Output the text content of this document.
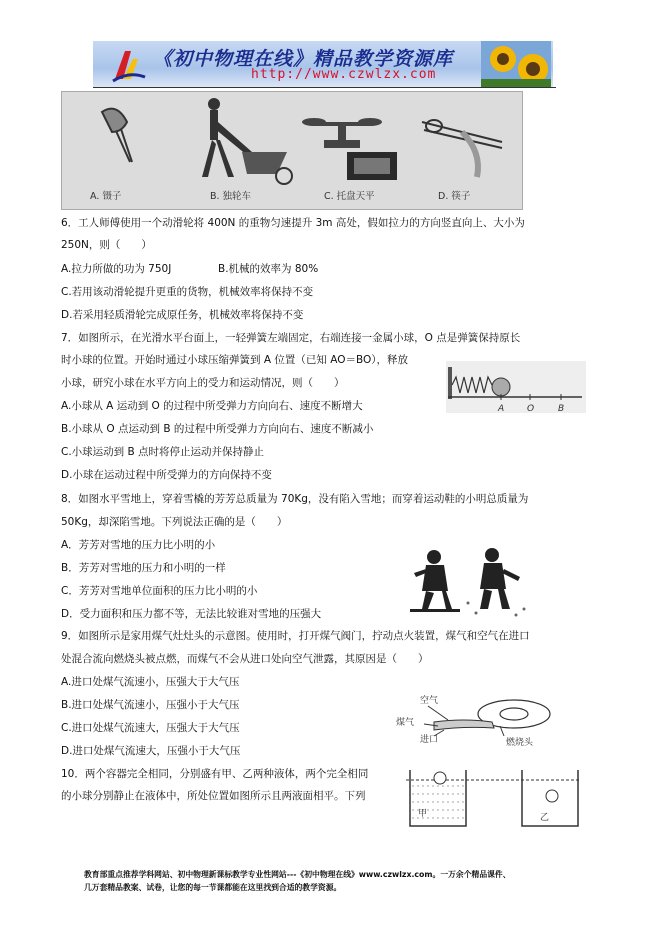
《初中物理在线》精品教学资源库
http://www.czwlzx.com
A. 镊子	B. 独轮车	C. 托盘天平	D. 筷子
6．工人师傅使用一个动滑轮将 400N 的重物匀速提升 3m 高处，假如拉力的方向竖直向上、大小为
250N，则（　　）
A.拉力所做的功为 750J	B.机械的效率为 80%
C.若用该动滑轮提升更重的货物，机械效率将保持不变
D.若采用轻质滑轮完成原任务，机械效率将保持不变
7．如图所示，在光滑水平台面上，一轻弹簧左端固定，右端连接一金属小球，O 点是弹簧保持原长
时小球的位置。开始时通过小球压缩弹簧到 A 位置（已知 AO＝BO），释放
小球，研究小球在水平方向上的受力和运动情况，则（　　）
A.小球从 A 运动到 O 的过程中所受弹力方向向右、速度不断增大
B.小球从 O 点运动到 B 的过程中所受弹力方向向右、速度不断减小
C.小球运动到 B 点时将停止运动并保持静止
D.小球在运动过程中所受弹力的方向保持不变
A	O	B
8．如图水平雪地上，穿着雪橇的芳芳总质量为 70Kg，没有陷入雪地；而穿着运动鞋的小明总质量为
50Kg，却深陷雪地。下列说法正确的是（　　）
A．芳芳对雪地的压力比小明的小
B．芳芳对雪地的压力和小明的一样
C．芳芳对雪地单位面积的压力比小明的小
D．受力面积和压力都不等，无法比较谁对雪地的压强大
9．如图所示是家用煤气灶灶头的示意图。使用时，打开煤气阀门，拧动点火装置，煤气和空气在进口
处混合流向燃烧头被点燃，而煤气不会从进口处向空气泄露，其原因是（　　）
A.进口处煤气流速小，压强大于大气压
B.进口处煤气流速小，压强小于大气压
C.进口处煤气流速大，压强大于大气压
D.进口处煤气流速大，压强小于大气压
空气
煤气
进口	燃烧头
10．两个容器完全相同，分别盛有甲、乙两种液体，两个完全相同
的小球分别静止在液体中，所处位置如图所示且两液面相平。下列
甲	乙
教育部重点推荐学科网站、初中物理新课标教学专业性网站---《初中物理在线》www.czwlzx.com。一万余个精品课件、
几万套精品教案、试卷，让您的每一节课都能在这里找到合适的教学资源。
